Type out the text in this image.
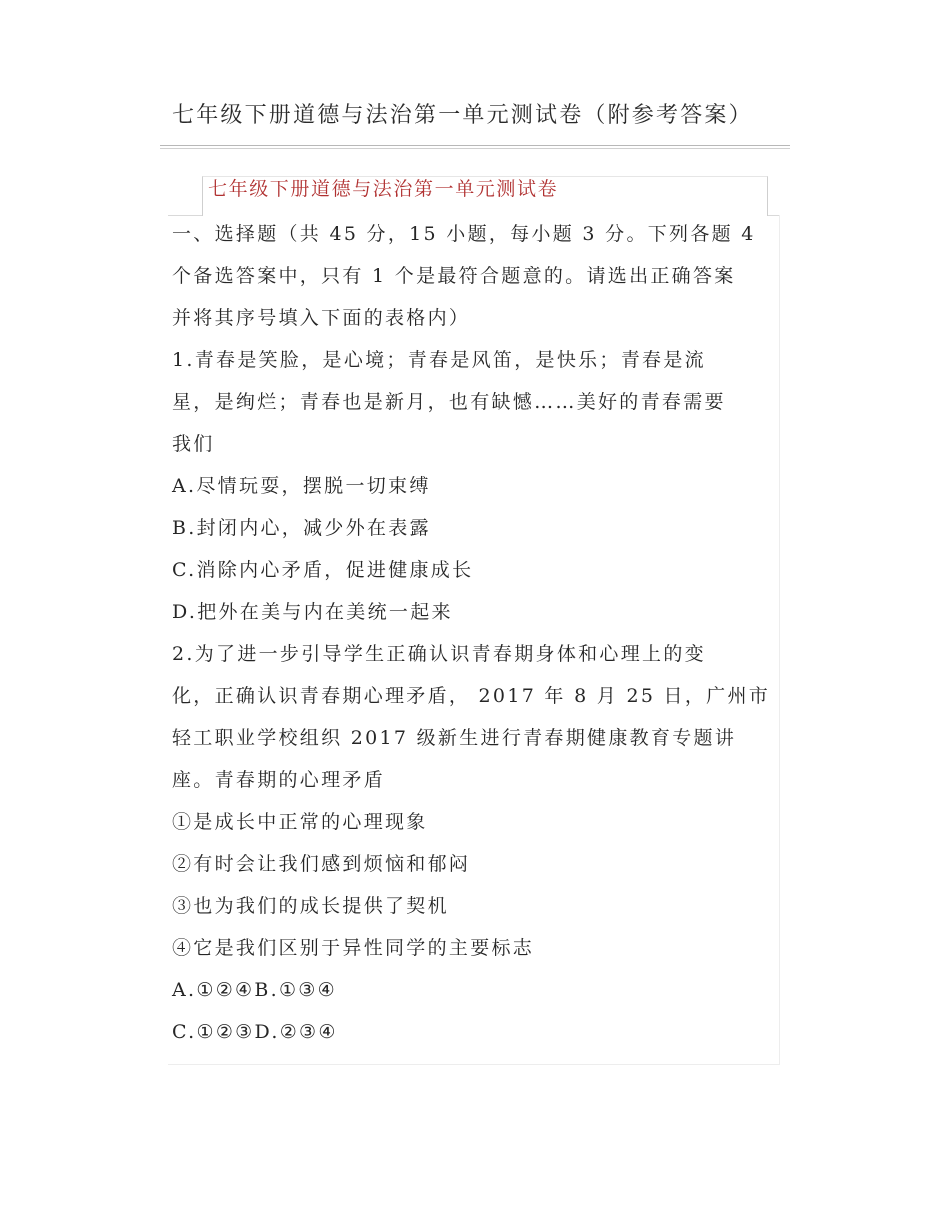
七年级下册道德与法治第一单元测试卷（附参考答案）
七年级下册道德与法治第一单元测试卷
一、选择题（共 45 分，15 小题，每小题 3 分。下列各题 4
个备选答案中，只有 1 个是最符合题意的。请选出正确答案
并将其序号填入下面的表格内）
1.青春是笑脸，是心境；青春是风笛，是快乐；青春是流
星，是绚烂；青春也是新月，也有缺憾……美好的青春需要
我们
A.尽情玩耍，摆脱一切束缚
B.封闭内心，减少外在表露
C.消除内心矛盾，促进健康成长
D.把外在美与内在美统一起来
2.为了进一步引导学生正确认识青春期身体和心理上的变
化，正确认识青春期心理矛盾， 2017 年 8 月 25 日，广州市
轻工职业学校组织 2017 级新生进行青春期健康教育专题讲
座。青春期的心理矛盾
①是成长中正常的心理现象
②有时会让我们感到烦恼和郁闷
③也为我们的成长提供了契机
④它是我们区别于异性同学的主要标志
A.①②④B.①③④
C.①②③D.②③④
